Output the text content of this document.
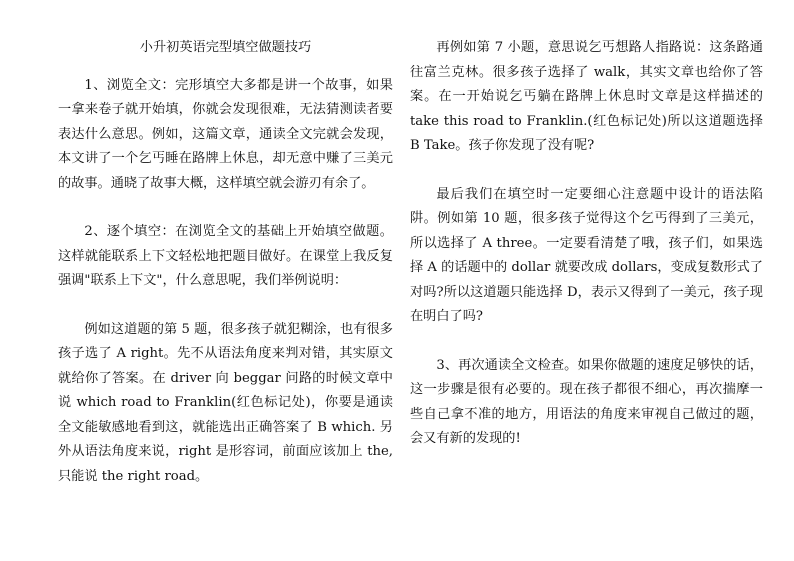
小升初英语完型填空做题技巧

1、浏览全文：完形填空大多都是讲一个故事，如果一拿来卷子就开始填，你就会发现很难，无法猜测读者要表达什么意思。例如，这篇文章，通读全文完就会发现，本文讲了一个乞丐睡在路牌上休息，却无意中赚了三美元的故事。通晓了故事大概，这样填空就会游刃有余了。

2、逐个填空：在浏览全文的基础上开始填空做题。这样就能联系上下文轻松地把题目做好。在课堂上我反复强调"联系上下文"，什么意思呢，我们举例说明：

例如这道题的第 5 题，很多孩子就犯糊涂，也有很多孩子选了 A right。先不从语法角度来判对错，其实原文就给你了答案。在 driver 向 beggar 问路的时候文章中说 which road to Franklin(红色标记处)，你要是通读全文能敏感地看到这，就能选出正确答案了 B which. 另外从语法角度来说，right 是形容词，前面应该加上 the,只能说 the right road。

再例如第 7 小题，意思说乞丐想路人指路说：这条路通往富兰克林。很多孩子选择了 walk，其实文章也给你了答案。在一开始说乞丐躺在路牌上休息时文章是这样描述的 take this road to Franklin.(红色标记处)所以这道题选择 B Take。孩子你发现了没有呢?

最后我们在填空时一定要细心注意题中设计的语法陷阱。例如第 10 题，很多孩子觉得这个乞丐得到了三美元，所以选择了 A three。一定要看清楚了哦，孩子们，如果选择 A 的话题中的 dollar 就要改成 dollars，变成复数形式了对吗?所以这道题只能选择 D，表示又得到了一美元，孩子现在明白了吗?

3、再次通读全文检查。如果你做题的速度足够快的话，这一步骤是很有必要的。现在孩子都很不细心，再次揣摩一些自己拿不准的地方，用语法的角度来审视自己做过的题，会又有新的发现的!
